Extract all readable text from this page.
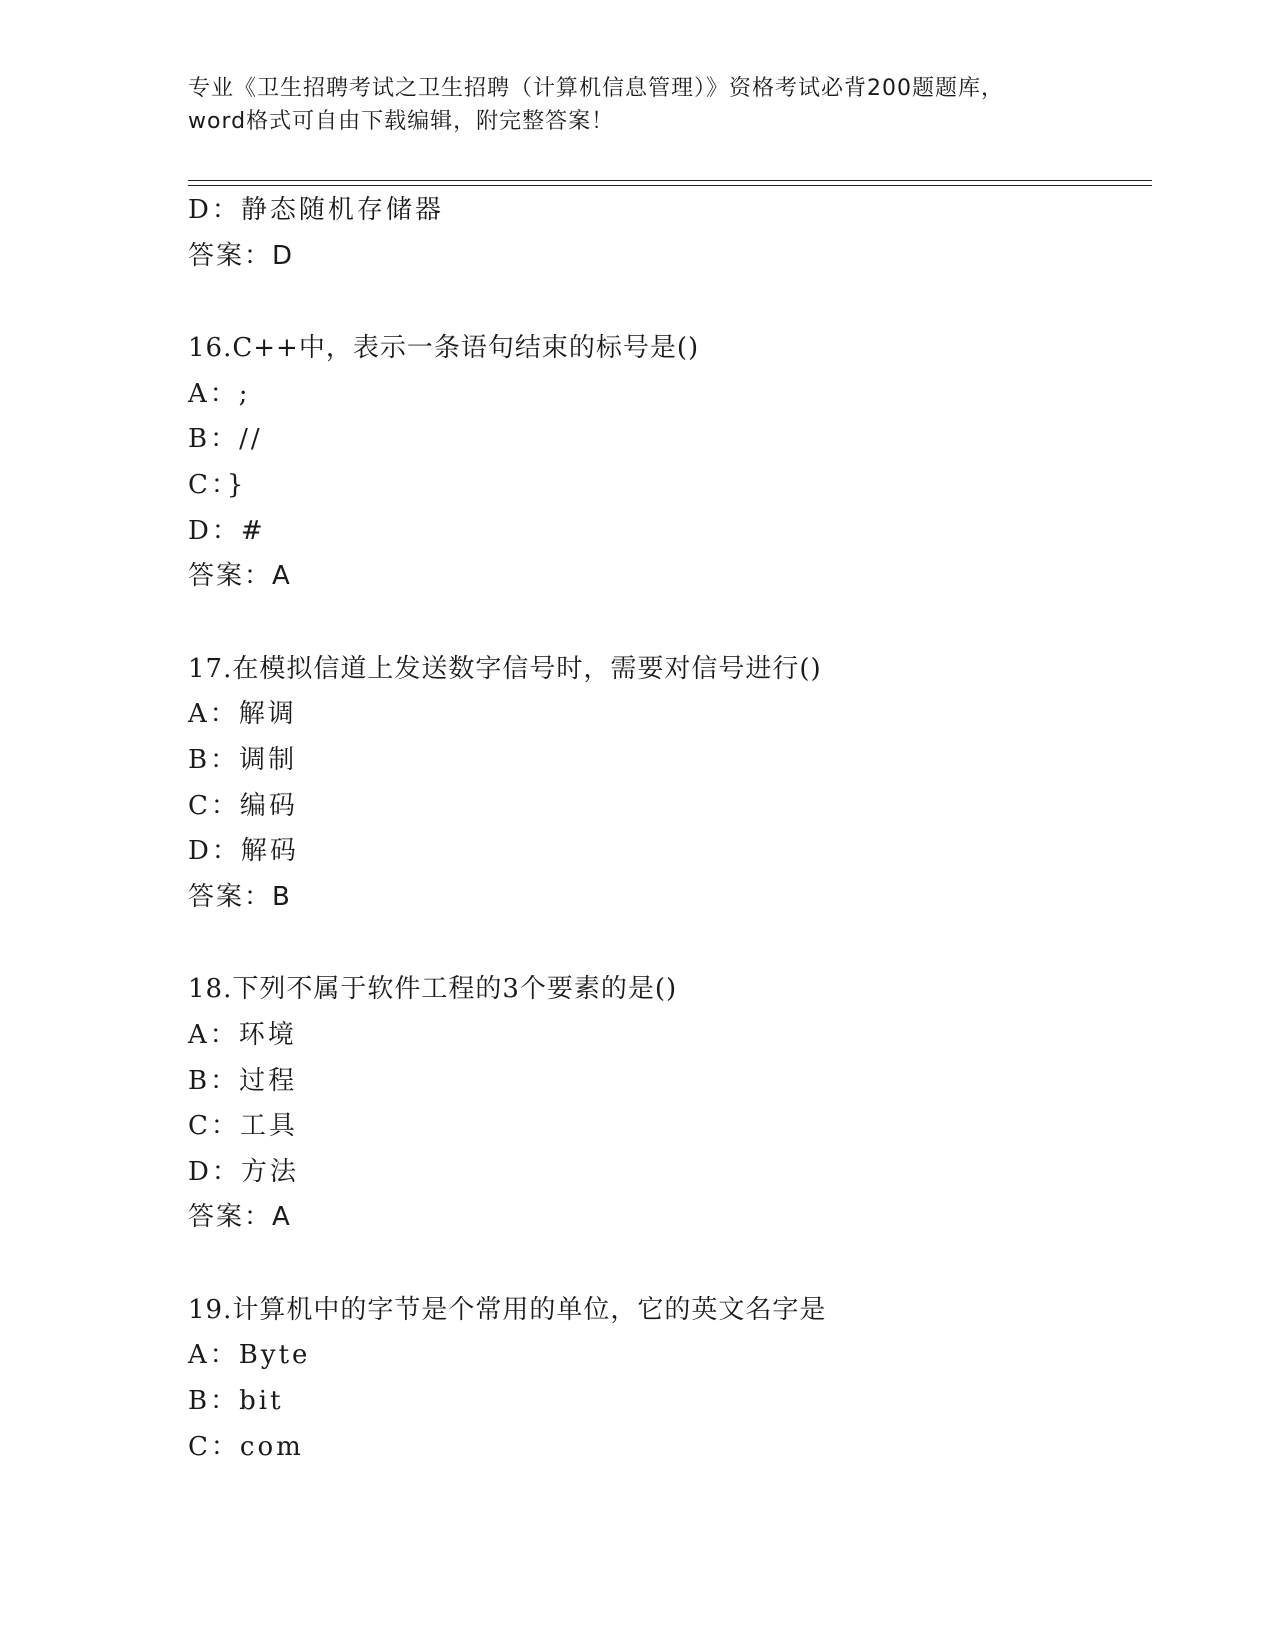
专业《卫生招聘考试之卫生招聘（计算机信息管理）》资格考试必背200题题库，
word格式可自由下载编辑，附完整答案！
D：静态随机存储器
答案：D
16.C++中，表示一条语句结束的标号是()
A：;
B：//
C：}
D：#
答案：A
17.在模拟信道上发送数字信号时，需要对信号进行()
A：解调
B：调制
C：编码
D：解码
答案：B
18.下列不属于软件工程的3个要素的是()
A：环境
B：过程
C：工具
D：方法
答案：A
19.计算机中的字节是个常用的单位，它的英文名字是
A：Byte
B：bit
C：com
